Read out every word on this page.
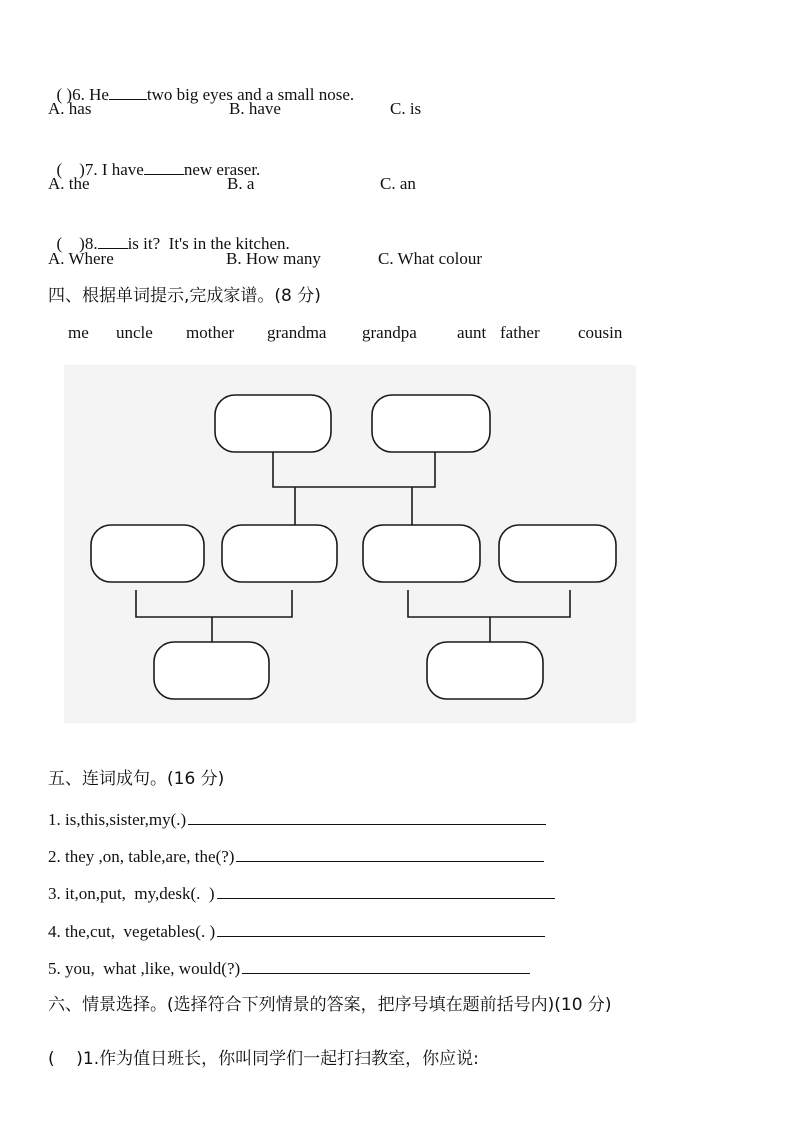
( )6. He two big eyes and a small nose.

A. has	B. have	C. is

(    )7. I have new eraser.

A. the	B. a	C. an

(    )8. is it?  It's in the kitchen.

A. Where	B. How many	C. What colour
四、根据单词提示,完成家谱。(8 分)
me uncle mother grandma grandpa aunt father cousin
五、连词成句。(16 分)
1. is,this,sister,my(.)
2. they ,on, table,are, the(?)
3. it,on,put,  my,desk(.  )
4. the,cut,  vegetables(. )
5. you,  what ,like, would(?)
六、情景选择。(选择符合下列情景的答案，把序号填在题前括号内)(10 分)
(    )1.作为值日班长，你叫同学们一起打扫教室，你应说:
